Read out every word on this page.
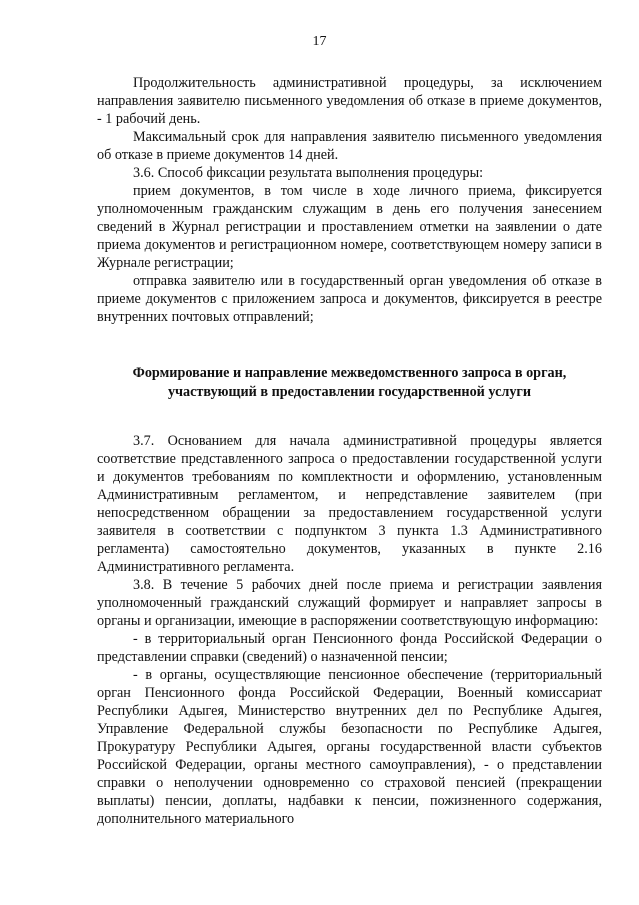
17

Продолжительность административной процедуры, за исключением направления заявителю письменного уведомления об отказе в приеме документов, - 1 рабочий день.

Максимальный срок для направления заявителю письменного уведомления об отказе в приеме документов 14 дней.

3.6. Способ фиксации результата выполнения процедуры:

прием документов, в том числе в ходе личного приема, фиксируется уполномоченным гражданским служащим в день его получения занесением сведений в Журнал регистрации и проставлением отметки на заявлении о дате приема документов и регистрационном номере, соответствующем номеру записи в Журнале регистрации;

отправка заявителю или в государственный орган уведомления об отказе в приеме документов с приложением запроса и документов, фиксируется в реестре внутренних почтовых отправлений;

Формирование и направление межведомственного запроса в орган,

участвующий в предоставлении государственной услуги

3.7. Основанием для начала административной процедуры является соответствие представленного запроса о предоставлении государственной услуги и документов требованиям по комплектности и оформлению, установленным Административным регламентом, и непредставление заявителем (при непосредственном обращении за предоставлением государственной услуги заявителя в соответствии с подпунктом 3 пункта 1.3 Административного регламента) самостоятельно документов, указанных в пункте 2.16 Административного регламента.

3.8. В течение 5 рабочих дней после приема и регистрации заявления уполномоченный гражданский служащий формирует и направляет запросы в органы и организации, имеющие в распоряжении соответствующую информацию:

- в территориальный орган Пенсионного фонда Российской Федерации о представлении справки (сведений) о назначенной пенсии;

- в органы, осуществляющие пенсионное обеспечение (территориальный орган Пенсионного фонда Российской Федерации, Военный комиссариат Республики Адыгея, Министерство внутренних дел по Республике Адыгея, Управление Федеральной службы безопасности по Республике Адыгея, Прокуратуру Республики Адыгея, органы государственной власти субъектов Российской Федерации, органы местного самоуправления), - о представлении справки о неполучении одновременно со страховой пенсией (прекращении выплаты) пенсии, доплаты, надбавки к пенсии, пожизненного содержания, дополнительного материального
